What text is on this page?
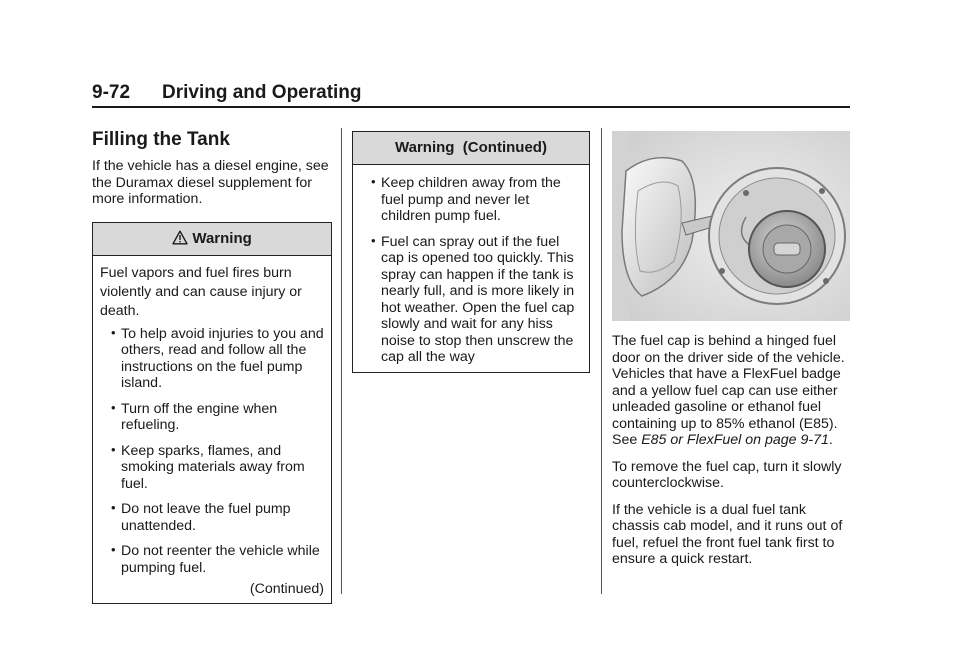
9-72 Driving and Operating
Filling the Tank

If the vehicle has a diesel engine, see the Duramax diesel supplement for more information.

Warning

Fuel vapors and fuel fires burn violently and can cause injury or death.

• To help avoid injuries to you and others, read and follow all the instructions on the fuel pump island.
• Turn off the engine when refueling.
• Keep sparks, flames, and smoking materials away from fuel.
• Do not leave the fuel pump unattended.
• Do not reenter the vehicle while pumping fuel.
(Continued)
Warning  (Continued)
• Keep children away from the fuel pump and never let children pump fuel.
• Fuel can spray out if the fuel cap is opened too quickly. This spray can happen if the tank is nearly full, and is more likely in hot weather. Open the fuel cap slowly and wait for any hiss noise to stop then unscrew the cap all the way

The fuel cap is behind a hinged fuel door on the driver side of the vehicle. Vehicles that have a FlexFuel badge and a yellow fuel cap can use either unleaded gasoline or ethanol fuel containing up to 85% ethanol (E85). See E85 or FlexFuel on page 9-71.

To remove the fuel cap, turn it slowly counterclockwise.

If the vehicle is a dual fuel tank chassis cab model, and it runs out of fuel, refuel the front fuel tank first to ensure a quick restart.
